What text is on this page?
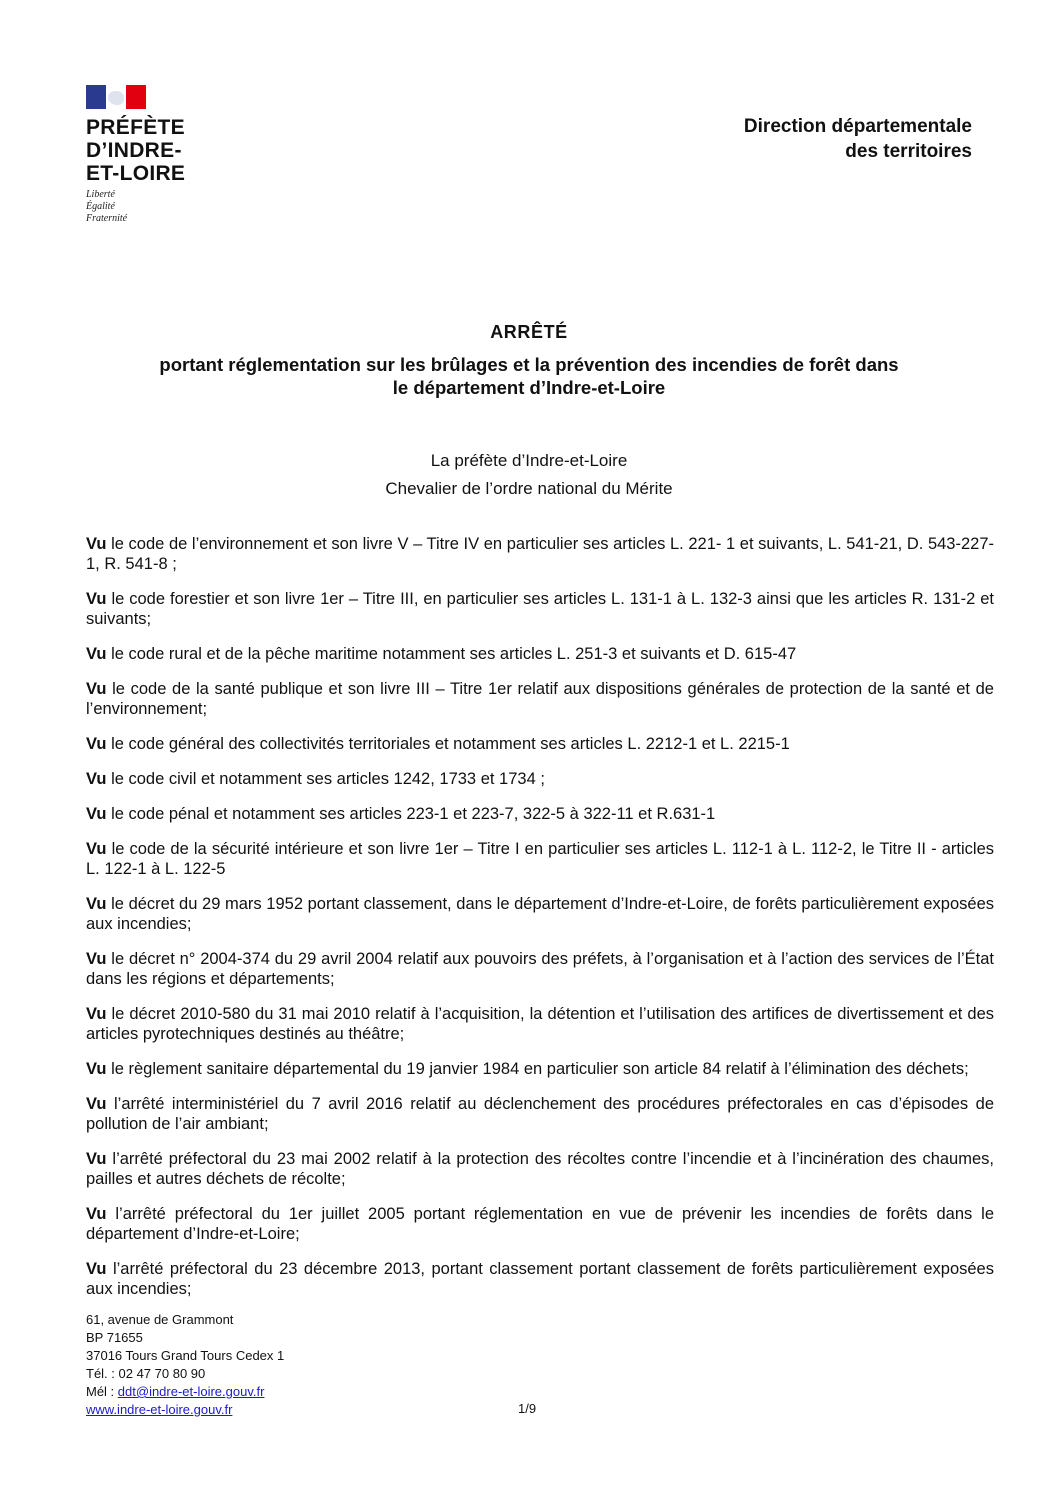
PRÉFÈTE
D’INDRE-
ET-LOIRE
Liberté
Égalité
Fraternité
Direction départementale
des territoires
ARRÊTÉ
portant réglementation sur les brûlages et la prévention des incendies de forêt dans
le département d’Indre-et-Loire
La préfète d’Indre-et-Loire
Chevalier de l’ordre national du Mérite

Vu le code de l’environnement et son livre V – Titre IV en particulier ses articles L. 221- 1 et suivants, L. 541-21, D. 543-227-1, R. 541-8 ;

Vu le code forestier et son livre 1er – Titre III, en particulier ses articles L. 131-1 à L. 132-3 ainsi que les articles R. 131-2 et suivants;

Vu le code rural et de la pêche maritime notamment ses articles L. 251-3 et suivants et D. 615-47

Vu le code de la santé publique et son livre III – Titre 1er relatif aux dispositions générales de protection de la santé et de l’environnement;

Vu le code général des collectivités territoriales et notamment ses articles L. 2212-1 et L. 2215-1

Vu le code civil et notamment ses articles 1242, 1733 et 1734 ;

Vu le code pénal et notamment ses articles 223-1 et 223-7, 322-5 à 322-11 et R.631-1

Vu le code de la sécurité intérieure et son livre 1er – Titre I en particulier ses articles L. 112-1 à L. 112-2, le Titre II - articles L. 122-1 à L. 122-5

Vu le décret du 29 mars 1952 portant classement, dans le département d’Indre-et-Loire, de forêts particulièrement exposées aux incendies;

Vu le décret n° 2004-374 du 29 avril 2004 relatif aux pouvoirs des préfets, à l’organisation et à l’action des services de l’État dans les régions et départements;

Vu le décret 2010-580 du 31 mai 2010 relatif à l’acquisition, la détention et l’utilisation des artifices de divertissement et des articles pyrotechniques destinés au théâtre;

Vu le règlement sanitaire départemental du 19 janvier 1984 en particulier son article 84 relatif à l’élimination des déchets;

Vu l’arrêté interministériel du 7 avril 2016 relatif au déclenchement des procédures préfectorales en cas d’épisodes de pollution de l’air ambiant;

Vu l’arrêté préfectoral du 23 mai 2002 relatif à la protection des récoltes contre l’incendie et à l’incinération des chaumes, pailles et autres déchets de récolte;

Vu l’arrêté préfectoral du 1er juillet 2005 portant réglementation en vue de prévenir les incendies de forêts dans le département d’Indre-et-Loire;

Vu l’arrêté préfectoral du 23 décembre 2013, portant classement portant classement de forêts particulièrement exposées aux incendies;

61, avenue de Grammont
BP 71655
37016 Tours Grand Tours Cedex 1
Tél. : 02 47 70 80 90
Mél : ddt@indre-et-loire.gouv.fr
www.indre-et-loire.gouv.fr	1/9
